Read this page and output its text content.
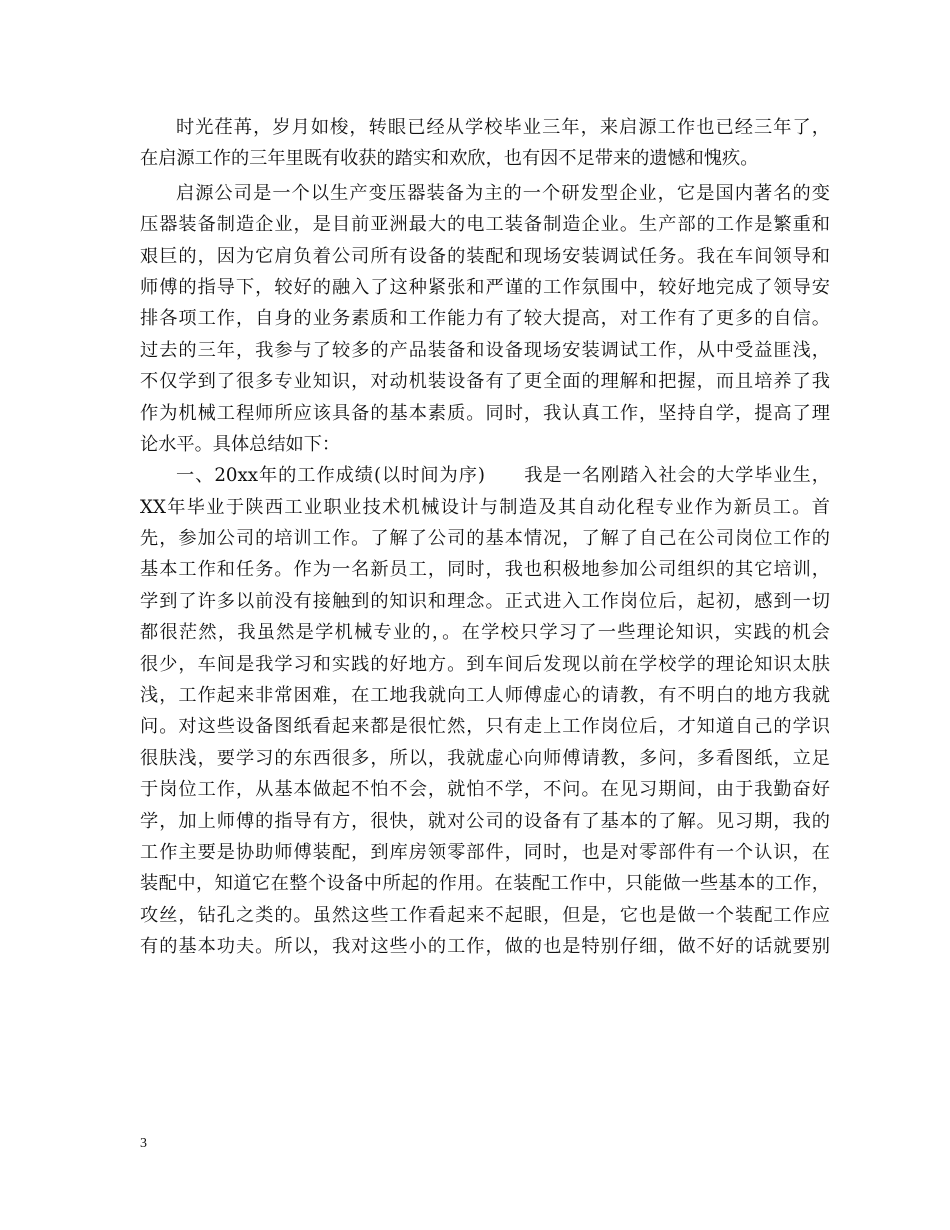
时光荏苒，岁月如梭，转眼已经从学校毕业三年，来启源工作也已经三年了，
在启源工作的三年里既有收获的踏实和欢欣，也有因不足带来的遗憾和愧疚。
启源公司是一个以生产变压器装备为主的一个研发型企业，它是国内著名的变
压器装备制造企业，是目前亚洲最大的电工装备制造企业。生产部的工作是繁重和
艰巨的，因为它肩负着公司所有设备的装配和现场安装调试任务。我在车间领导和
师傅的指导下，较好的融入了这种紧张和严谨的工作氛围中，较好地完成了领导安
排各项工作，自身的业务素质和工作能力有了较大提高，对工作有了更多的自信。
过去的三年，我参与了较多的产品装备和设备现场安装调试工作，从中受益匪浅，
不仅学到了很多专业知识，对动机装设备有了更全面的理解和把握，而且培养了我
作为机械工程师所应该具备的基本素质。同时，我认真工作，坚持自学，提高了理
论水平。具体总结如下：
一、20xx年的工作成绩(以时间为序)　　我是一名刚踏入社会的大学毕业生，
XX年毕业于陕西工业职业技术机械设计与制造及其自动化程专业作为新员工。首
先，参加公司的培训工作。了解了公司的基本情况，了解了自己在公司岗位工作的
基本工作和任务。作为一名新员工，同时，我也积极地参加公司组织的其它培训，
学到了许多以前没有接触到的知识和理念。正式进入工作岗位后，起初，感到一切
都很茫然，我虽然是学机械专业的，。在学校只学习了一些理论知识，实践的机会
很少，车间是我学习和实践的好地方。到车间后发现以前在学校学的理论知识太肤
浅，工作起来非常困难，在工地我就向工人师傅虚心的请教，有不明白的地方我就
问。对这些设备图纸看起来都是很忙然，只有走上工作岗位后，才知道自己的学识
很肤浅，要学习的东西很多，所以，我就虚心向师傅请教，多问，多看图纸，立足
于岗位工作，从基本做起不怕不会，就怕不学，不问。在见习期间，由于我勤奋好
学，加上师傅的指导有方，很快，就对公司的设备有了基本的了解。见习期，我的
工作主要是协助师傅装配，到库房领零部件，同时，也是对零部件有一个认识，在
装配中，知道它在整个设备中所起的作用。在装配工作中，只能做一些基本的工作，
攻丝，钻孔之类的。虽然这些工作看起来不起眼，但是，它也是做一个装配工作应
有的基本功夫。所以，我对这些小的工作，做的也是特别仔细，做不好的话就要别
3
